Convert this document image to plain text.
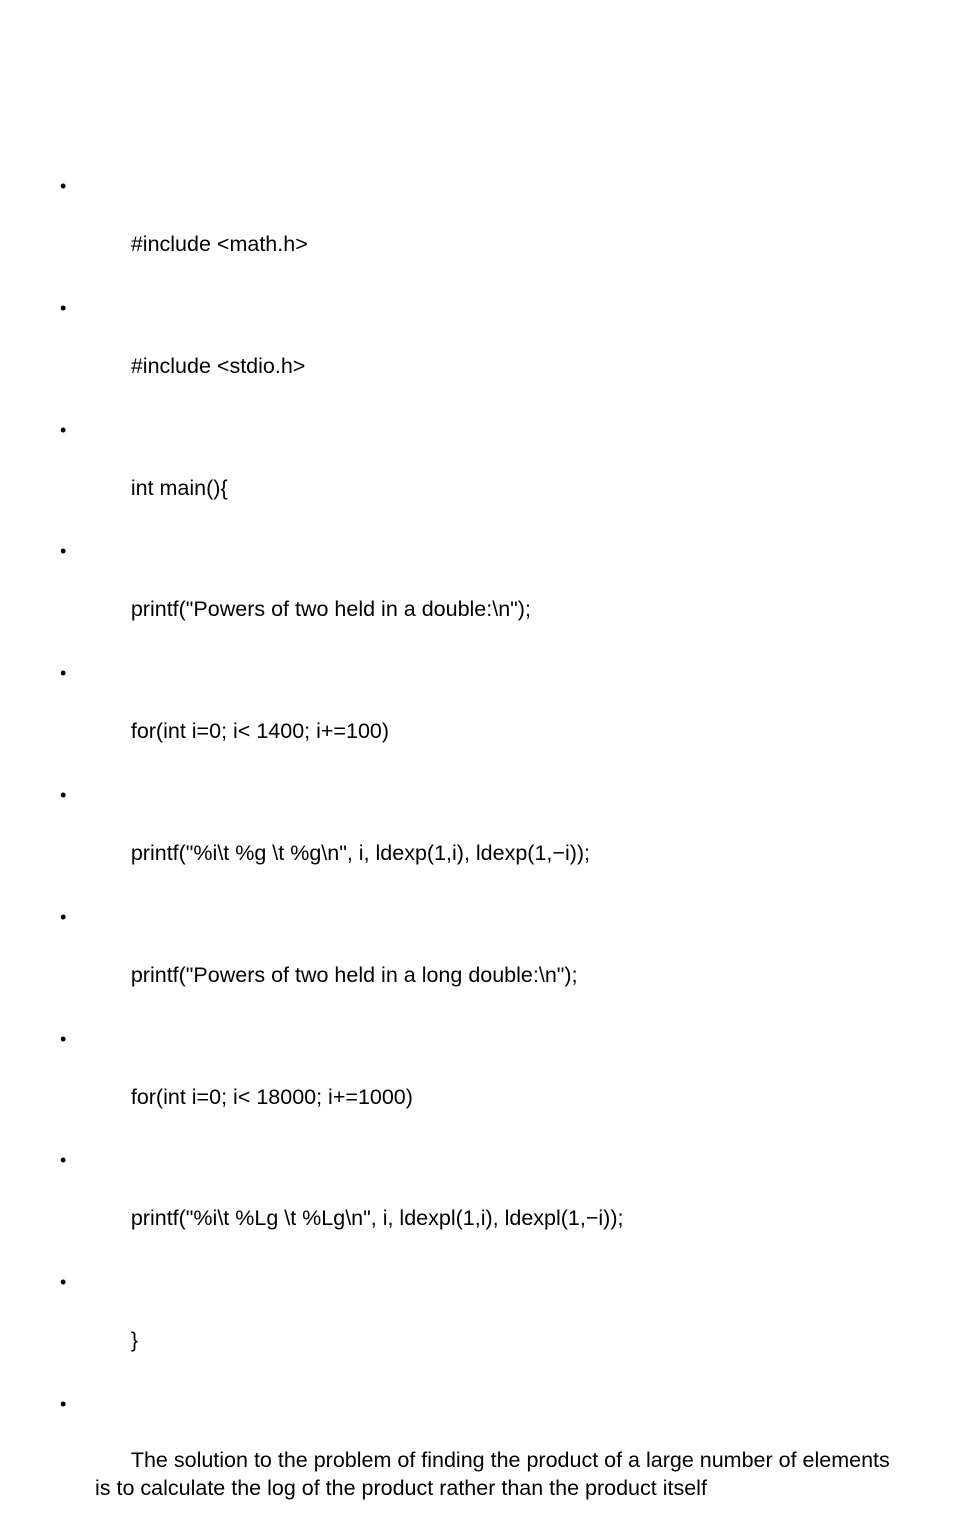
•

#include <math.h>

•

#include <stdio.h>

•

int main(){

•

printf("Powers of two held in a double:\n");

•

for(int i=0; i< 1400; i+=100)

•

printf("%i\t %g \t %g\n", i, ldexp(1,i), ldexp(1,−i));

•

printf("Powers of two held in a long double:\n");

•

for(int i=0; i< 18000; i+=1000)

•

printf("%i\t %Lg \t %Lg\n", i, ldexpl(1,i), ldexpl(1,−i));

•

}

•

The solution to the problem of finding the product of a large number of elements is to calculate the log of the product rather than the product itself
